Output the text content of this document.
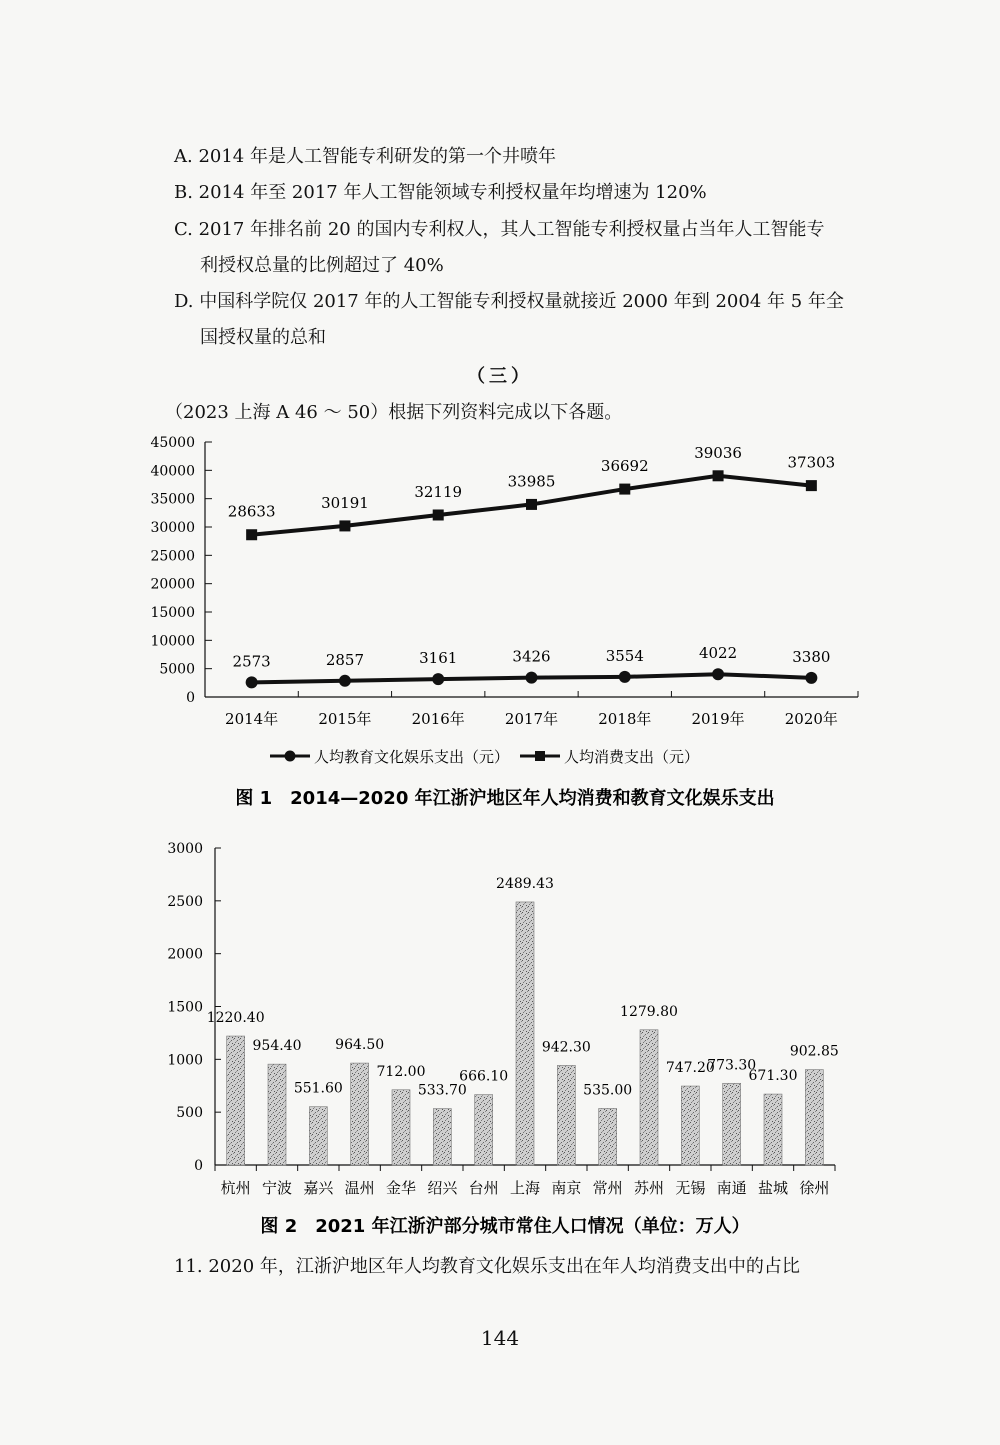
A. 2014 年是人工智能专利研发的第一个井喷年
B. 2014 年至 2017 年人工智能领域专利授权量年均增速为 120%
C. 2017 年排名前 20 的国内专利权人，其人工智能专利授权量占当年人工智能专
利授权总量的比例超过了 40%
D. 中国科学院仅 2017 年的人工智能专利授权量就接近 2000 年到 2004 年 5 年全
国授权量的总和
（三）
（2023 上海 A 46 ～ 50）根据下列资料完成以下各题。
0
5000
10000
15000
20000
25000
30000
35000
40000
45000
2014年	2015年	2016年	2017年	2018年	2019年	2020年
2573	2857	3161	3426	3554	4022	3380
28633	30191
32119
33985
36692
39036
37303
人均教育文化娱乐支出（元）	人均消费支出（元）
图 1　2014—2020 年江浙沪地区年人均消费和教育文化娱乐支出
0
500
1000
1500
2000
2500
3000
杭州 宁波 嘉兴 温州 金华 绍兴 台州 上海 南京 常州 苏州 无锡 南通 盐城 徐州
1220.40
954.40
551.60
964.50
712.00
533.70
666.10
2489.43
942.30
535.00
1279.80
747.20
773.30
671.30
902.85
图 2　2021 年江浙沪部分城市常住人口情况（单位：万人）
11. 2020 年，江浙沪地区年人均教育文化娱乐支出在年人均消费支出中的占比
144
